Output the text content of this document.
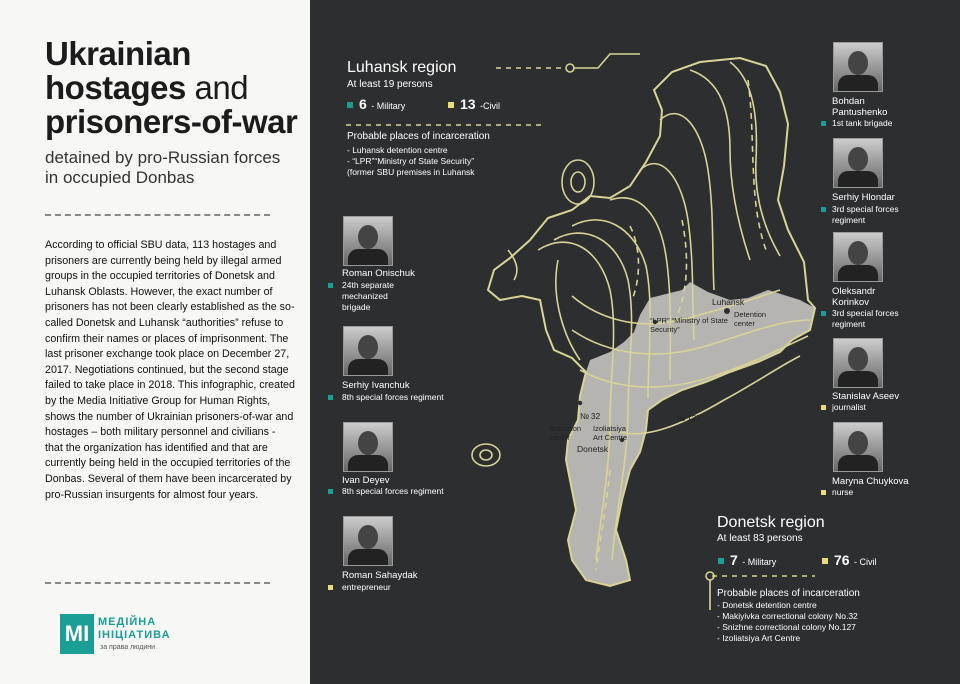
Ukrainian
hostages and
prisoners-of-war
detained by pro-Russian forces in occupied Donbas
According to official SBU data, 113 hostages and prisoners are currently being held by illegal armed groups in the occupied territories of Donetsk and Luhansk Oblasts. However, the exact number of prisoners has not been clearly established as the so-called Donetsk and Luhansk “authorities” refuse to confirm their names or places of imprisonment. The last prisoner exchange took place on December 27, 2017. Negotiations continued, but the second stage failed to take place in 2018. This infographic, created by the Media Initiative Group for Human Rights, shows the number of Ukrainian prisoners-of-war and hostages – both military personnel and civilians - that the organization has identified and that are currently being held in the occupied territories of the Donbas. Several of them have been incarcerated by pro-Russian insurgents for almost four years.
MI МЕДІЙНА
ІНІЦІАТИВА
за права людини
Luhansk
“LPR” “Ministry of State Security”
Detention center
№ 32
Detention center
Izoliatsiya Art Centre
№ 127
Donetsk
Luhansk region
At least 19 persons
6 - Military	13 -Civil
Probable places of incarceration
- Luhansk detention centre
- “LPR”“Ministry of State Security”
(former SBU premises in Luhansk
Donetsk region
At least 83 persons
7 - Military	76 - Civil
Probable places of incarceration
- Donetsk detention centre
- Makiyivka correctional colony No.32
- Snizhne correctional colony No.127
- Izoliatsiya Art Centre
Roman Onischuk
24th separate mechanized brigade
Serhiy Ivanchuk
8th special forces regiment
Ivan Deyev
8th special forces regiment
Roman Sahaydak
entrepreneur
Bohdan Pantushenko
1st tank brigade
Serhiy Hlondar
3rd special forces regiment
Oleksandr Korinkov
3rd special forces regiment
Stanislav Aseev
journalist
Maryna Chuykova
nurse
